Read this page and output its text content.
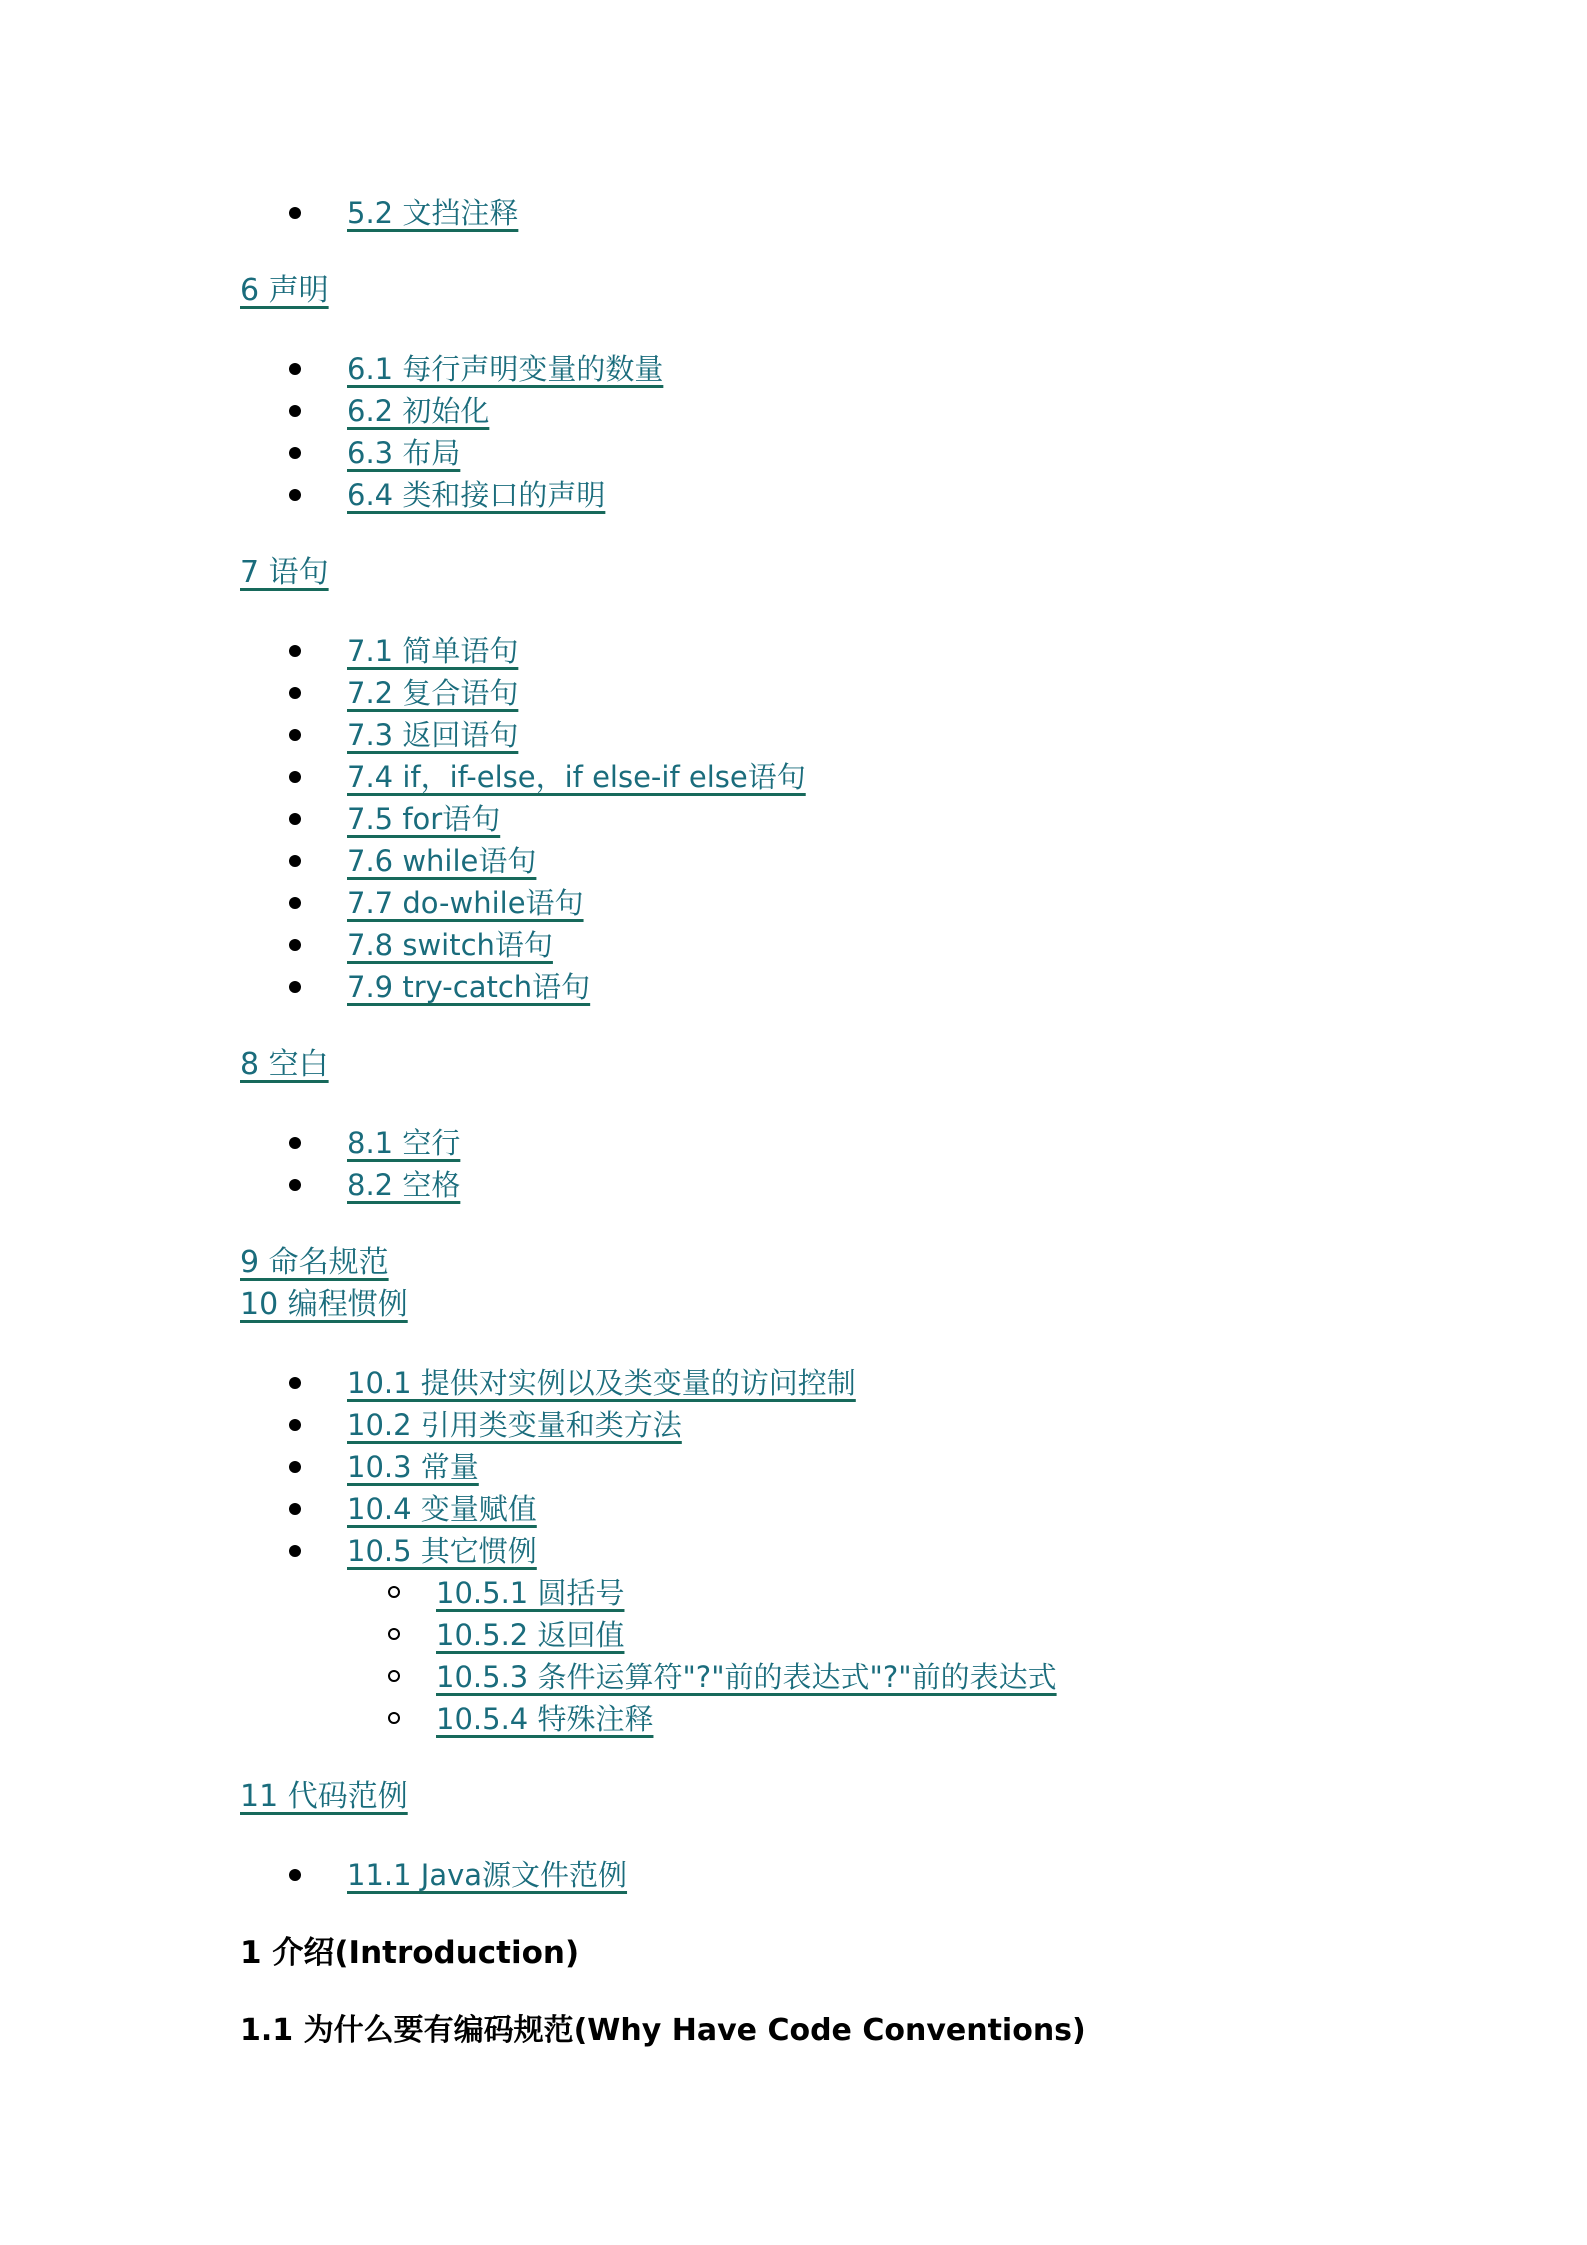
5.2 文挡注释
6 声明
6.1 每行声明变量的数量
6.2 初始化
6.3 布局
6.4 类和接口的声明
7 语句
7.1 简单语句
7.2 复合语句
7.3 返回语句
7.4 if，if-else，if else-if else语句
7.5 for语句
7.6 while语句
7.7 do-while语句
7.8 switch语句
7.9 try-catch语句
8 空白
8.1 空行
8.2 空格
9 命名规范
10 编程惯例
10.1 提供对实例以及类变量的访问控制
10.2 引用类变量和类方法
10.3 常量
10.4 变量赋值
10.5 其它惯例
10.5.1 圆括号
10.5.2 返回值
10.5.3 条件运算符"?"前的表达式"?"前的表达式
10.5.4 特殊注释
11 代码范例
11.1 Java源文件范例
1 介绍(Introduction)
1.1 为什么要有编码规范(Why Have Code Conventions)
